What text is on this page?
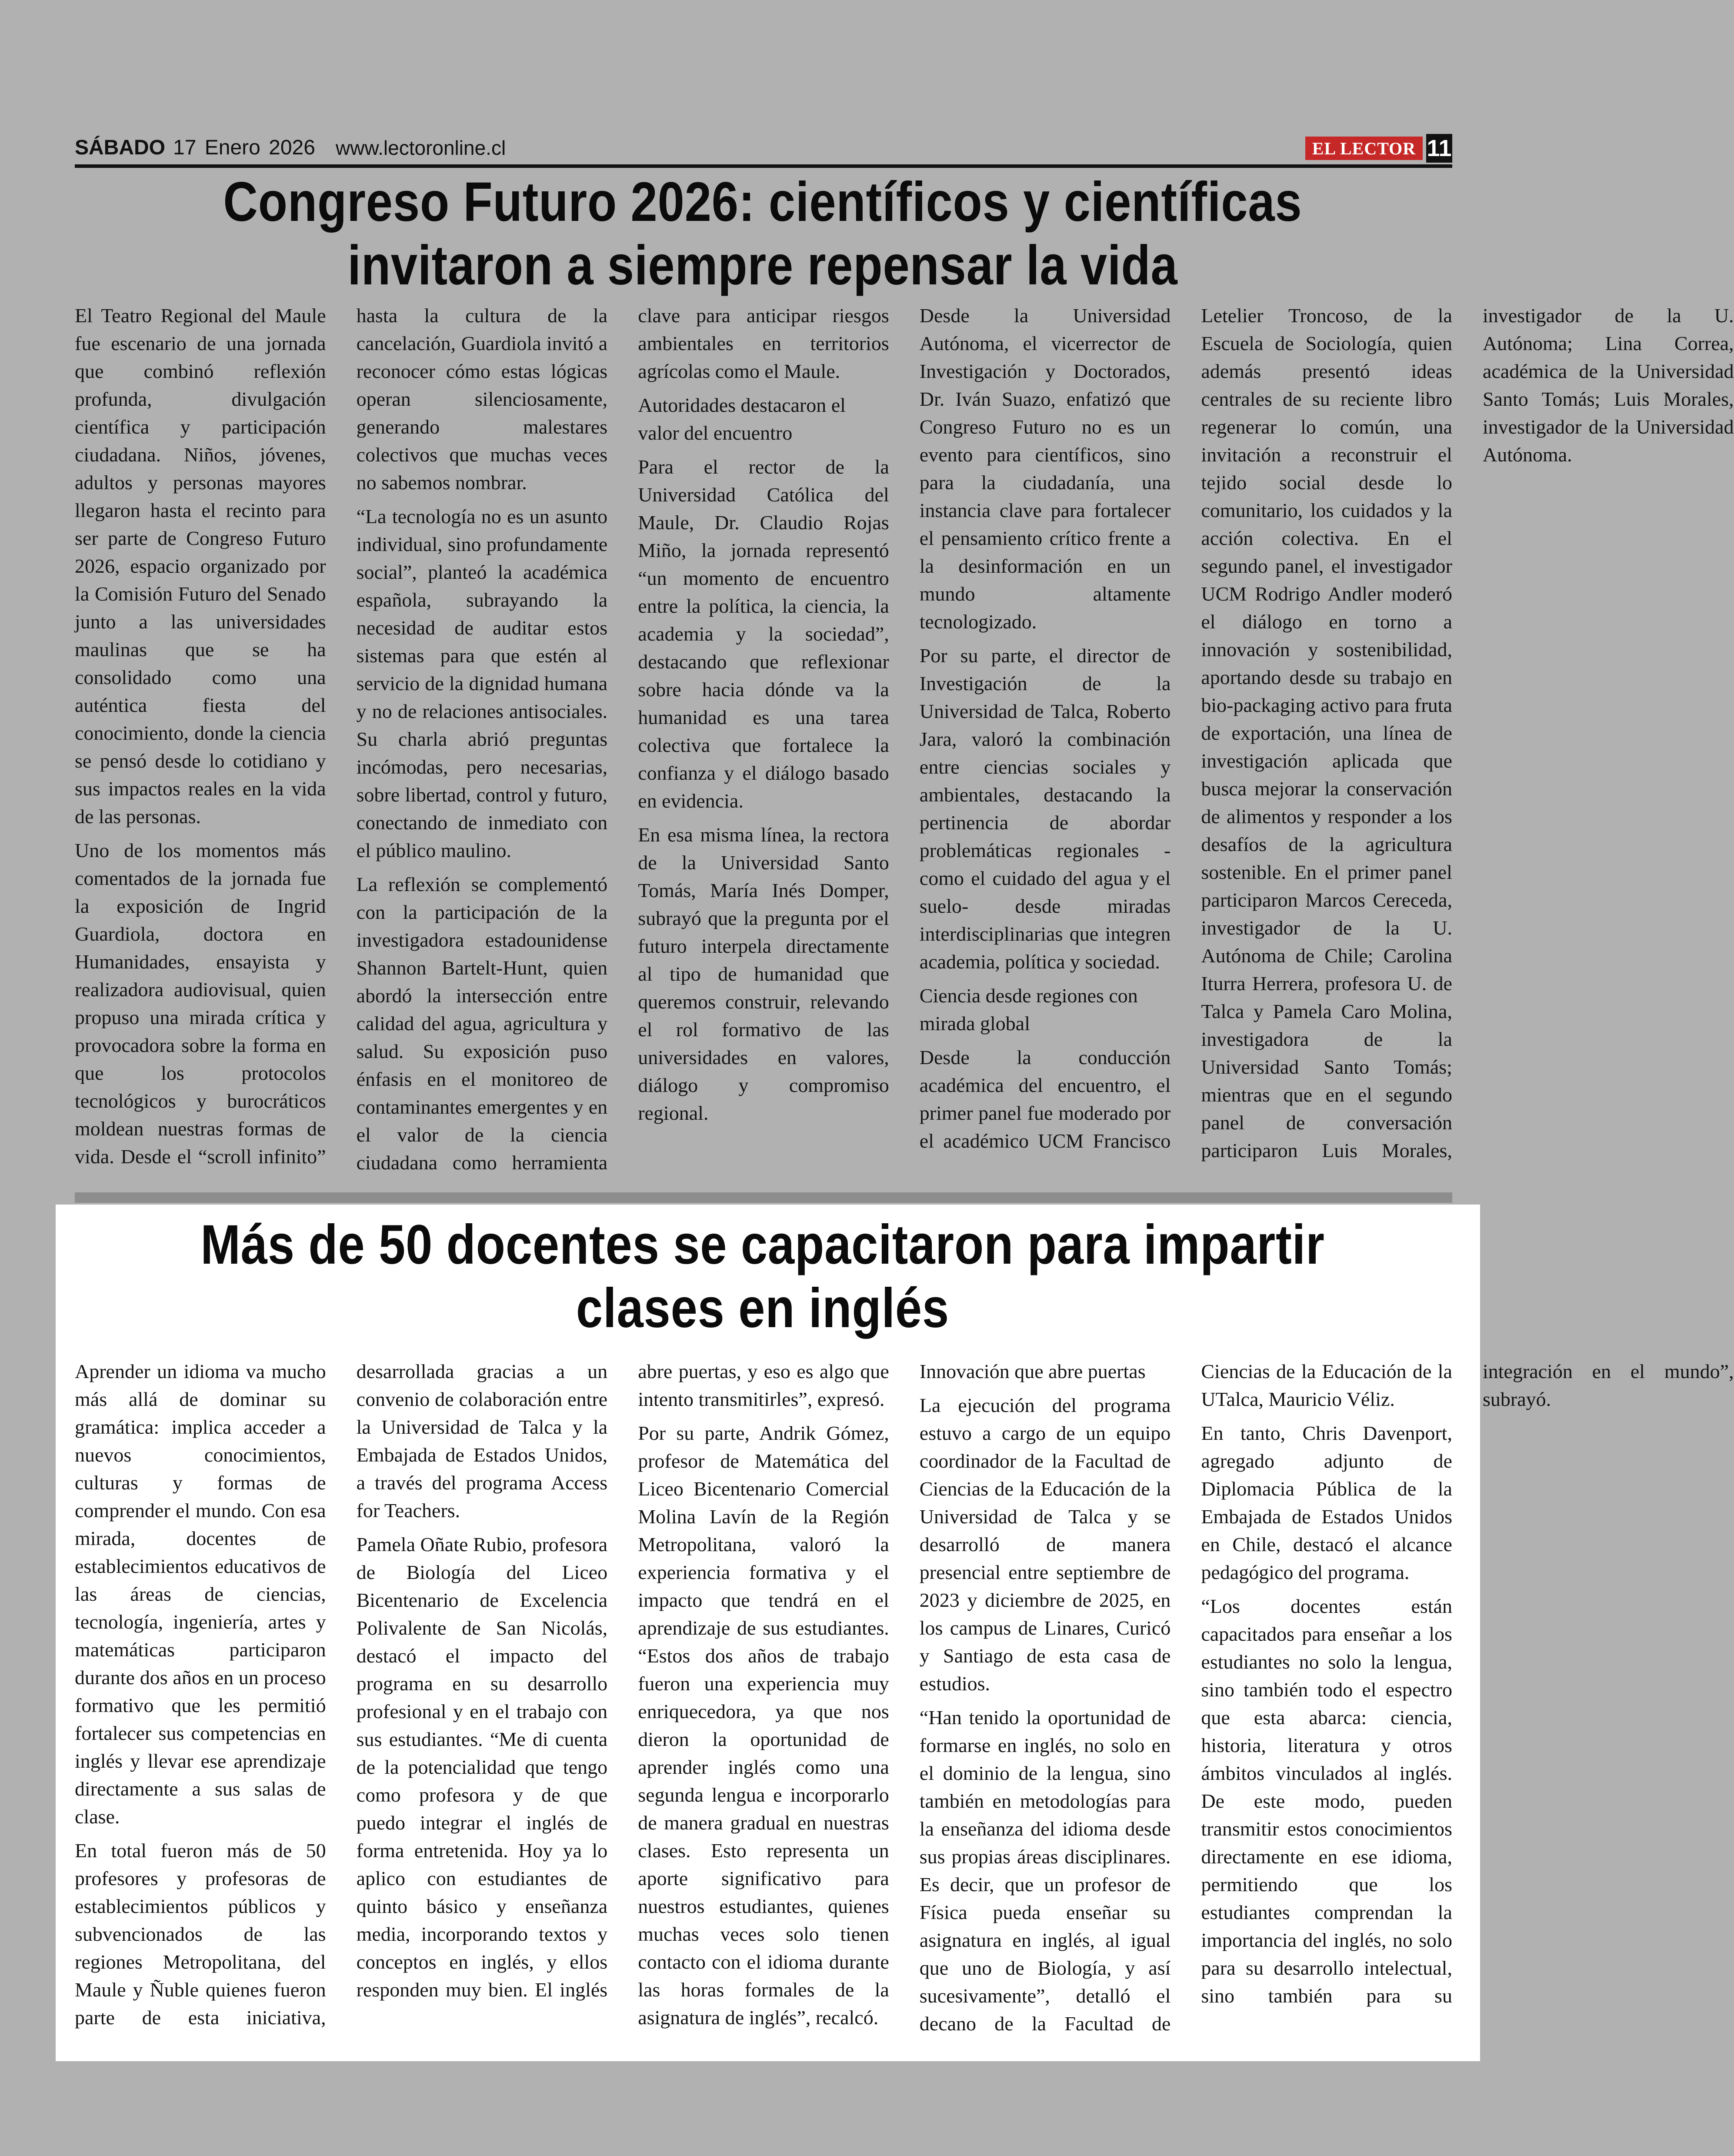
SÁBADO 17 Enero 2026 www.lectoronline.cl	EL LECTOR 11
Congreso Futuro 2026: científicos y científicas invitaron a siempre repensar la vida

El Teatro Regional del Maule fue escenario de una jornada que combinó reflexión profunda, divulgación científica y participación ciudadana. Niños, jóvenes, adultos y personas mayores llegaron hasta el recinto para ser parte de Congreso Futuro 2026, espacio organizado por la Comisión Futuro del Senado junto a las universidades maulinas que se ha consolidado como una auténtica fiesta del conocimiento, donde la ciencia se pensó desde lo cotidiano y sus impactos reales en la vida de las personas.

Uno de los momentos más comentados de la jornada fue la exposición de Ingrid Guardiola, doctora en Humanidades, ensayista y realizadora audiovisual, quien propuso una mirada crítica y provocadora sobre la forma en que los protocolos tecnológicos y burocráticos moldean nuestras formas de vida. Desde el “scroll infinito” hasta la cultura de la cancelación, Guardiola invitó a reconocer cómo estas lógicas operan silenciosamente, generando malestares colectivos que muchas veces no sabemos nombrar.

“La tecnología no es un asunto individual, sino profundamente social”, planteó la académica española, subrayando la necesidad de auditar estos sistemas para que estén al servicio de la dignidad humana y no de relaciones antisociales. Su charla abrió preguntas incómodas, pero necesarias, sobre libertad, control y futuro, conectando de inmediato con el público maulino.

La reflexión se complementó con la participación de la investigadora estadounidense Shannon Bartelt-Hunt, quien abordó la intersección entre calidad del agua, agricultura y salud. Su exposición puso énfasis en el monitoreo de contaminantes emergentes y en el valor de la ciencia ciudadana como herramienta clave para anticipar riesgos ambientales en territorios agrícolas como el Maule.

Autoridades destacaron el valor del encuentro

Para el rector de la Universidad Católica del Maule, Dr. Claudio Rojas Miño, la jornada representó “un momento de encuentro entre la política, la ciencia, la academia y la sociedad”, destacando que reflexionar sobre hacia dónde va la humanidad es una tarea colectiva que fortalece la confianza y el diálogo basado en evidencia.

En esa misma línea, la rectora de la Universidad Santo Tomás, María Inés Domper, subrayó que la pregunta por el futuro interpela directamente al tipo de humanidad que queremos construir, relevando el rol formativo de las universidades en valores, diálogo y compromiso regional.

Desde la Universidad Autónoma, el vicerrector de Investigación y Doctorados, Dr. Iván Suazo, enfatizó que Congreso Futuro no es un evento para científicos, sino para la ciudadanía, una instancia clave para fortalecer el pensamiento crítico frente a la desinformación en un mundo altamente tecnologizado.

Por su parte, el director de Investigación de la Universidad de Talca, Roberto Jara, valoró la combinación entre ciencias sociales y ambientales, destacando la pertinencia de abordar problemáticas regionales -como el cuidado del agua y el suelo- desde miradas interdisciplinarias que integren academia, política y sociedad.

Ciencia desde regiones con mirada global

Desde la conducción académica del encuentro, el primer panel fue moderado por el académico UCM Francisco Letelier Troncoso, de la Escuela de Sociología, quien además presentó ideas centrales de su reciente libro regenerar lo común, una invitación a reconstruir el tejido social desde lo comunitario, los cuidados y la acción colectiva. En el segundo panel, el investigador UCM Rodrigo Andler moderó el diálogo en torno a innovación y sostenibilidad, aportando desde su trabajo en bio-packaging activo para fruta de exportación, una línea de investigación aplicada que busca mejorar la conservación de alimentos y responder a los desafíos de la agricultura sostenible. En el primer panel participaron Marcos Cereceda, investigador de la U. Autónoma de Chile; Carolina Iturra Herrera, profesora U. de Talca y Pamela Caro Molina, investigadora de la Universidad Santo Tomás; mientras que en el segundo panel de conversación participaron Luis Morales, investigador de la U. Autónoma; Lina Correa, académica de la Universidad Santo Tomás; Luis Morales, investigador de la Universidad Autónoma.

Más de 50 docentes se capacitaron para impartir clases en inglés

Aprender un idioma va mucho más allá de dominar su gramática: implica acceder a nuevos conocimientos, culturas y formas de comprender el mundo. Con esa mirada, docentes de establecimientos educativos de las áreas de ciencias, tecnología, ingeniería, artes y matemáticas participaron durante dos años en un proceso formativo que les permitió fortalecer sus competencias en inglés y llevar ese aprendizaje directamente a sus salas de clase.

En total fueron más de 50 profesores y profesoras de establecimientos públicos y subvencionados de las regiones Metropolitana, del Maule y Ñuble quienes fueron parte de esta iniciativa, desarrollada gracias a un convenio de colaboración entre la Universidad de Talca y la Embajada de Estados Unidos, a través del programa Access for Teachers.

Pamela Oñate Rubio, profesora de Biología del Liceo Bicentenario de Excelencia Polivalente de San Nicolás, destacó el impacto del programa en su desarrollo profesional y en el trabajo con sus estudiantes. “Me di cuenta de la potencialidad que tengo como profesora y de que puedo integrar el inglés de forma entretenida. Hoy ya lo aplico con estudiantes de quinto básico y enseñanza media, incorporando textos y conceptos en inglés, y ellos responden muy bien. El inglés abre puertas, y eso es algo que intento transmitirles”, expresó.

Por su parte, Andrik Gómez, profesor de Matemática del Liceo Bicentenario Comercial Molina Lavín de la Región Metropolitana, valoró la experiencia formativa y el impacto que tendrá en el aprendizaje de sus estudiantes. “Estos dos años de trabajo fueron una experiencia muy enriquecedora, ya que nos dieron la oportunidad de aprender inglés como una segunda lengua e incorporarlo de manera gradual en nuestras clases. Esto representa un aporte significativo para nuestros estudiantes, quienes muchas veces solo tienen contacto con el idioma durante las horas formales de la asignatura de inglés”, recalcó.

Innovación que abre puertas

La ejecución del programa estuvo a cargo de un equipo coordinador de la Facultad de Ciencias de la Educación de la Universidad de Talca y se desarrolló de manera presencial entre septiembre de 2023 y diciembre de 2025, en los campus de Linares, Curicó y Santiago de esta casa de estudios.

“Han tenido la oportunidad de formarse en inglés, no solo en el dominio de la lengua, sino también en metodologías para la enseñanza del idioma desde sus propias áreas disciplinares. Es decir, que un profesor de Física pueda enseñar su asignatura en inglés, al igual que uno de Biología, y así sucesivamente”, detalló el decano de la Facultad de Ciencias de la Educación de la UTalca, Mauricio Véliz.

En tanto, Chris Davenport, agregado adjunto de Diplomacia Pública de la Embajada de Estados Unidos en Chile, destacó el alcance pedagógico del programa.

“Los docentes están capacitados para enseñar a los estudiantes no solo la lengua, sino también todo el espectro que esta abarca: ciencia, historia, literatura y otros ámbitos vinculados al inglés. De este modo, pueden transmitir estos conocimientos directamente en ese idioma, permitiendo que los estudiantes comprendan la importancia del inglés, no solo para su desarrollo intelectual, sino también para su integración en el mundo”, subrayó.
